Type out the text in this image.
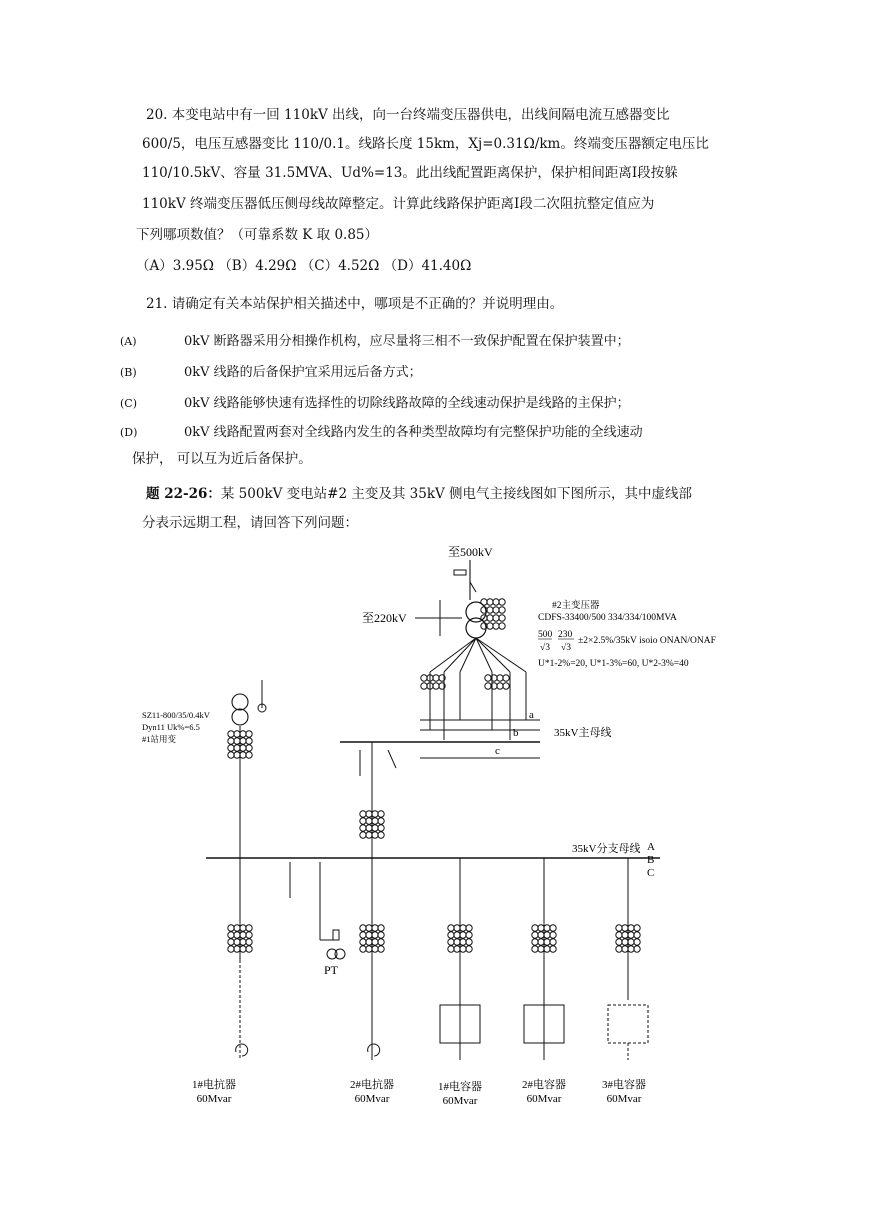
20. 本变电站中有一回 110kV 出线，向一台终端变压器供电，出线间隔电流互感器变比
600/5，电压互感器变比 110/0.1。线路长度 15km，Xj=0.31Ω/km。终端变压器额定电压比
110/10.5kV、容量 31.5MVA、Ud%=13。此出线配置距离保护，保护相间距离Ⅰ段按躲
110kV 终端变压器低压侧母线故障整定。计算此线路保护距离Ⅰ段二次阻抗整定值应为
下列哪项数值？（可靠系数 K 取 0.85）
（A）3.95Ω （B）4.29Ω （C）4.52Ω （D）41.40Ω
21. 请确定有关本站保护相关描述中，哪项是不正确的？并说明理由。
(A)	0kV 断路器采用分相操作机构，应尽量将三相不一致保护配置在保护装置中；
(B)	0kV 线路的后备保护宜采用远后备方式；
(C)	0kV 线路能够快速有选择性的切除线路故障的全线速动保护是线路的主保护；
(D)	0kV 线路配置两套对全线路内发生的各种类型故障均有完整保护功能的全线速动
保护， 可以互为近后备保护。
题 22-26：某 500kV 变电站#2 主变及其 35kV 侧电气主接线图如下图所示，其中虚线部
分表示远期工程，请回答下列问题：
至500kV
至220kV
#2主变压器
CDFS-33400/500 334/334/100MVA
500 230
√3 √3
±2×2.5%/35kV isoio ONAN/ONAF
U*1-2%=20, U*1-3%=60, U*2-3%=40
a
b
c
35kV主母线
SZ11-800/35/0.4kV
Dyn11 Uk%=6.5
#1站用变
35kV分支母线 A
B
C
PT
1#电抗器
60Mvar
2#电抗器
60Mvar
1#电容器
60Mvar
2#电容器
60Mvar
3#电容器
60Mvar
